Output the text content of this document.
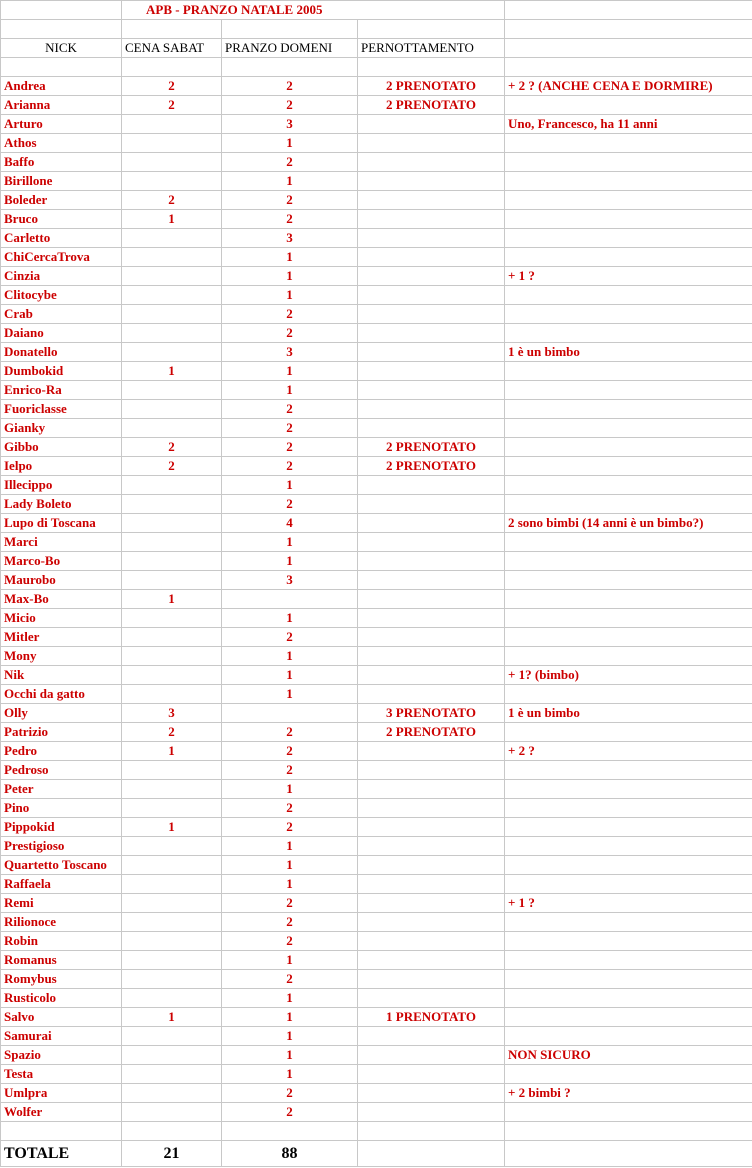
	APB - PRANZO NATALE 2005			

NICK	CENA SABAT	PRANZO DOMENI	PERNOTTAMENTO	

Andrea	2	2	2 PRENOTATO	+ 2 ? (ANCHE CENA E DORMIRE)
Arianna	2	2	2 PRENOTATO	
Arturo		3		Uno, Francesco, ha 11 anni
Athos		1		
Baffo		2		
Birillone		1		
Boleder	2	2		
Bruco	1	2		
Carletto		3		
ChiCercaTrova		1		
Cinzia		1		+ 1 ?
Clitocybe		1		
Crab		2		
Daiano		2		
Donatello		3		1 è un bimbo
Dumbokid	1	1		
Enrico-Ra		1		
Fuoriclasse		2		
Gianky		2		
Gibbo	2	2	2 PRENOTATO	
Ielpo	2	2	2 PRENOTATO	
Illecippo		1		
Lady Boleto		2		
Lupo di Toscana		4		2 sono bimbi (14 anni è un bimbo?)
Marci		1		
Marco-Bo		1		
Maurobo		3		
Max-Bo	1			
Micio		1		
Mitler		2		
Mony		1		
Nik		1		+ 1? (bimbo)
Occhi da gatto		1		
Olly	3		3 PRENOTATO	1 è un bimbo
Patrizio	2	2	2 PRENOTATO	
Pedro	1	2		+ 2 ?
Pedroso		2		
Peter		1		
Pino		2		
Pippokid	1	2		
Prestigioso		1		
Quartetto Toscano		1		
Raffaela		1		
Remi		2		+ 1 ?
Rilionoce		2		
Robin		2		
Romanus		1		
Romybus		2		
Rusticolo		1		
Salvo	1	1	1 PRENOTATO	
Samurai		1		
Spazio		1		NON SICURO
Testa		1		
Umlpra		2		+ 2 bimbi ?
Wolfer		2		

TOTALE	21	88		
